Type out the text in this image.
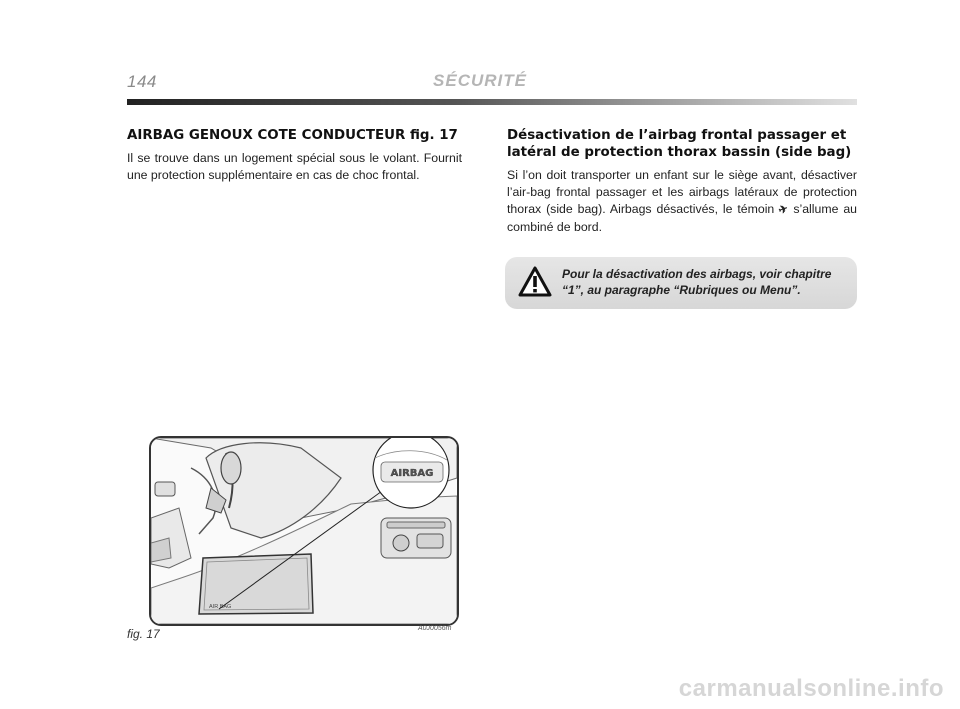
144	SÉCURITÉ
AIRBAG GENOUX COTE CONDUCTEUR fig. 17

Il se trouve dans un logement spécial sous le volant. Fournit une protection supplémentaire en cas de choc frontal.

Désactivation de l’airbag frontal passager et latéral de protection thorax bassin (side bag)

Si l’on doit transporter un enfant sur le siège avant, désactiver l’air-bag frontal passager et les airbags latéraux de protection thorax (side bag). Airbags désactivés, le témoin ✈ s’allume au combiné de bord.

Pour la désactivation des airbags, voir chapitre “1”, au paragraphe “Rubriques ou Menu”.
AIR BAG
AIRBAG
fig. 17	A0J0056m
carmanualsonline.info
